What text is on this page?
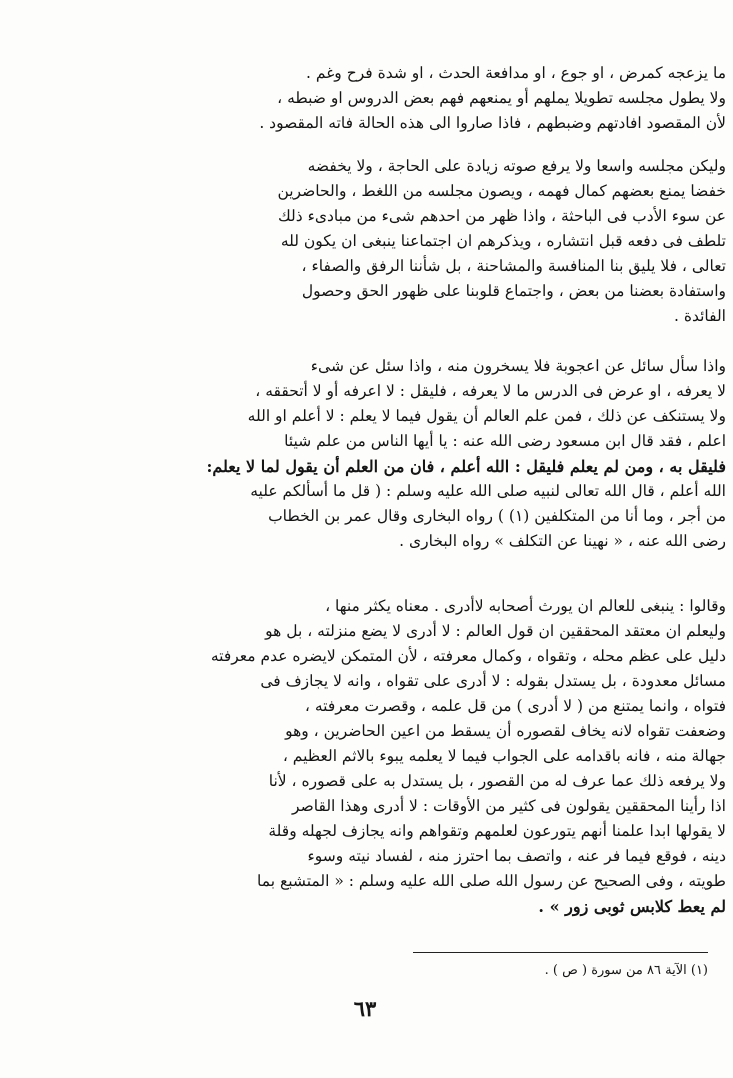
ما يزعجه كمرض ، او جوع ، او مدافعة الحدث ، او شدة فرح وغم .
ولا يطول مجلسه تطويلا يملهم أو يمنعهم فهم بعض الدروس او ضبطه ،
لأن المقصود افادتهم وضبطهم ، فاذا صاروا الى هذه الحالة فاته المقصود .
وليكن مجلسه واسعا ولا يرفع صوته زيادة على الحاجة ، ولا يخفضه
خفضا يمنع بعضهم كمال فهمه ، ويصون مجلسه من اللغط ، والحاضرين
عن سوء الأدب فى الباحثة ، واذا ظهر من احدهم شىء من مبادىء ذلك
تلطف فى دفعه قبل انتشاره ، ويذكرهم ان اجتماعنا ينبغى ان يكون لله
تعالى ، فلا يليق بنا المنافسة والمشاحنة ، بل شأننا الرفق والصفاء ،
واستفادة بعضنا من بعض ، واجتماع قلوبنا على ظهور الحق وحصول
الفائدة .
واذا سأل سائل عن اعجوبة فلا يسخرون منه ، واذا سئل عن شىء
لا يعرفه ، او عرض فى الدرس ما لا يعرفه ، فليقل : لا اعرفه أو لا أتحققه ،
ولا يستنكف عن ذلك ، فمن علم العالم أن يقول فيما لا يعلم : لا أعلم او الله
اعلم ، فقد قال ابن مسعود رضى الله عنه : يا أيها الناس من علم شيئا
فليقل به ، ومن لم يعلم فليقل : الله أعلم ، فان من العلم أن يقول لما لا يعلم:
الله أعلم ، قال الله تعالى لنبيه صلى الله عليه وسلم : ( قل ما أسألكم عليه
من أجر ، وما أنا من المتكلفين (١) ) رواه البخارى وقال عمر بن الخطاب
رضى الله عنه ، « نهينا عن التكلف » رواه البخارى .
وقالوا : ينبغى للعالم ان يورث أصحابه لاأدرى . معناه يكثر منها ،
وليعلم ان معتقد المحققين ان قول العالم : لا أدرى لا يضع منزلته ، بل هو
دليل على عظم محله ، وتقواه ، وكمال معرفته ، لأن المتمكن لايضره عدم معرفته
مسائل معدودة ، بل يستدل بقوله : لا أدرى على تقواه ، وانه لا يجازف فى
فتواه ، وانما يمتنع من ( لا أدرى ) من قل علمه ، وقصرت معرفته ،
وضعفت تقواه لانه يخاف لقصوره أن يسقط من اعين الحاضرين ، وهو
جهالة منه ، فانه باقدامه على الجواب فيما لا يعلمه يبوء بالاثم العظيم ،
ولا يرفعه ذلك عما عرف له من القصور ، بل يستدل به على قصوره ، لأنا
اذا رأينا المحققين يقولون فى كثير من الأوقات : لا أدرى وهذا القاصر
لا يقولها ابدا علمنا أنهم يتورعون لعلمهم وتقواهم وانه يجازف لجهله وقلة
دينه ، فوقع فيما فر عنه ، واتصف بما احترز منه ، لفساد نيته وسوء
طويته ، وفى الصحيح عن رسول الله صلى الله عليه وسلم : « المتشبع بما
لم يعط كلابس ثوبى زور » .
(١) الآية ٨٦ من سورة ( ص ) .
٦٣
